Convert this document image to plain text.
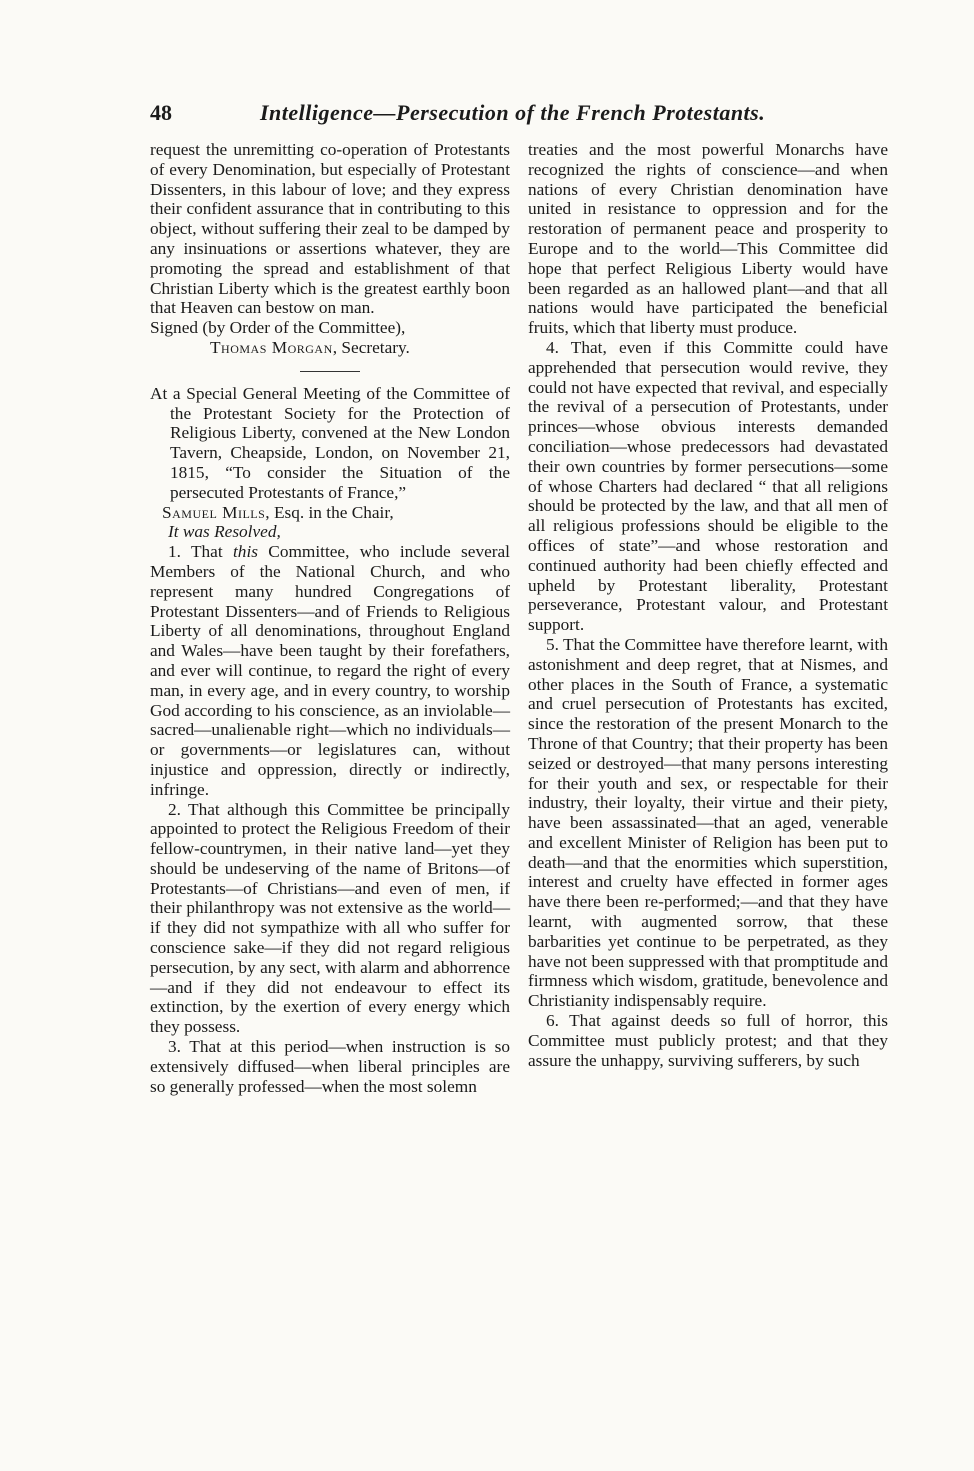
48	Intelligence—Persecution of the French Protestants.

request the unremitting co-operation of Protestants of every Denomination, but especially of Protestant Dissenters, in this labour of love; and they express their confident assurance that in contributing to this object, without suffering their zeal to be damped by any insinuations or assertions whatever, they are promoting the spread and establishment of that Christian Liberty which is the greatest earthly boon that Heaven can bestow on man.

Signed (by Order of the Committee),

Thomas Morgan, Secretary.

At a Special General Meeting of the Committee of the Protestant Society for the Protection of Religious Liberty, convened at the New London Tavern, Cheapside, London, on November 21, 1815, “To consider the Situation of the persecuted Protestants of France,”

Samuel Mills, Esq. in the Chair,

It was Resolved,

1. That this Committee, who include several Members of the National Church, and who represent many hundred Congregations of Protestant Dissenters—and of Friends to Religious Liberty of all denominations, throughout England and Wales—have been taught by their forefathers, and ever will continue, to regard the right of every man, in every age, and in every country, to worship God according to his conscience, as an inviolable—sacred—unalienable right—which no individuals—or governments—or legislatures can, without injustice and oppression, directly or indirectly, infringe.

2. That although this Committee be principally appointed to protect the Religious Freedom of their fellow-countrymen, in their native land—yet they should be undeserving of the name of Britons—of Protestants—of Christians—and even of men, if their philanthropy was not extensive as the world—if they did not sympathize with all who suffer for conscience sake—if they did not regard religious persecution, by any sect, with alarm and abhorrence—and if they did not endeavour to effect its extinction, by the exertion of every energy which they possess.

3. That at this period—when instruction is so extensively diffused—when liberal principles are so generally professed—when the most solemn

treaties and the most powerful Monarchs have recognized the rights of conscience—and when nations of every Christian denomination have united in resistance to oppression and for the restoration of permanent peace and prosperity to Europe and to the world—This Committee did hope that perfect Religious Liberty would have been regarded as an hallowed plant—and that all nations would have participated the beneficial fruits, which that liberty must produce.

4. That, even if this Committe could have apprehended that persecution would revive, they could not have expected that revival, and especially the revival of a persecution of Protestants, under princes—whose obvious interests demanded conciliation—whose predecessors had devastated their own countries by former persecutions—some of whose Charters had declared “ that all religions should be protected by the law, and that all men of all religious professions should be eligible to the offices of state”—and whose restoration and continued authority had been chiefly effected and upheld by Protestant liberality, Protestant perseverance, Protestant valour, and Protestant support.

5. That the Committee have therefore learnt, with astonishment and deep regret, that at Nismes, and other places in the South of France, a systematic and cruel persecution of Protestants has excited, since the restoration of the present Monarch to the Throne of that Country; that their property has been seized or destroyed—that many persons interesting for their youth and sex, or respectable for their industry, their loyalty, their virtue and their piety, have been assassinated—that an aged, venerable and excellent Minister of Religion has been put to death—and that the enormities which superstition, interest and cruelty have effected in former ages have there been re-performed;—and that they have learnt, with augmented sorrow, that these barbarities yet continue to be perpetrated, as they have not been suppressed with that promptitude and firmness which wisdom, gratitude, benevolence and Christianity indispensably require.

6. That against deeds so full of horror, this Committee must publicly protest; and that they assure the unhappy, surviving sufferers, by such
